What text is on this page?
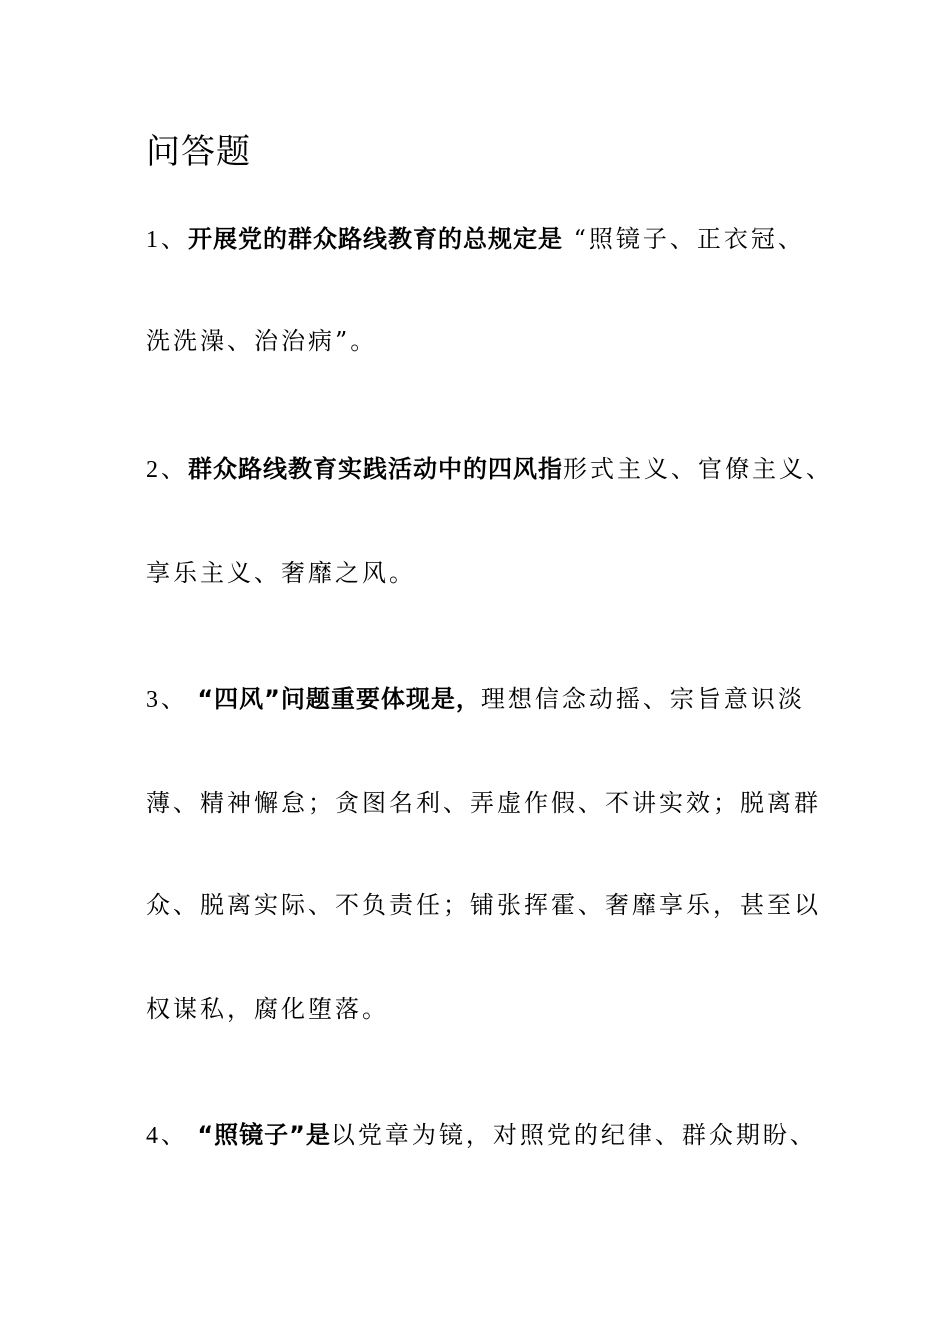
问答题
1、开展党的群众路线教育的总规定是 “照镜子、正衣冠、
洗洗澡、治治病”。
2、群众路线教育实践活动中的四风指形式主义、官僚主义、
享乐主义、奢靡之风。
3、 “四风”问题重要体现是，理想信念动摇、宗旨意识淡
薄、精神懈怠；贪图名利、弄虚作假、不讲实效；脱离群
众、脱离实际、不负责任；铺张挥霍、奢靡享乐，甚至以
权谋私，腐化堕落。
4、 “照镜子”是以党章为镜，对照党的纪律、群众期盼、
